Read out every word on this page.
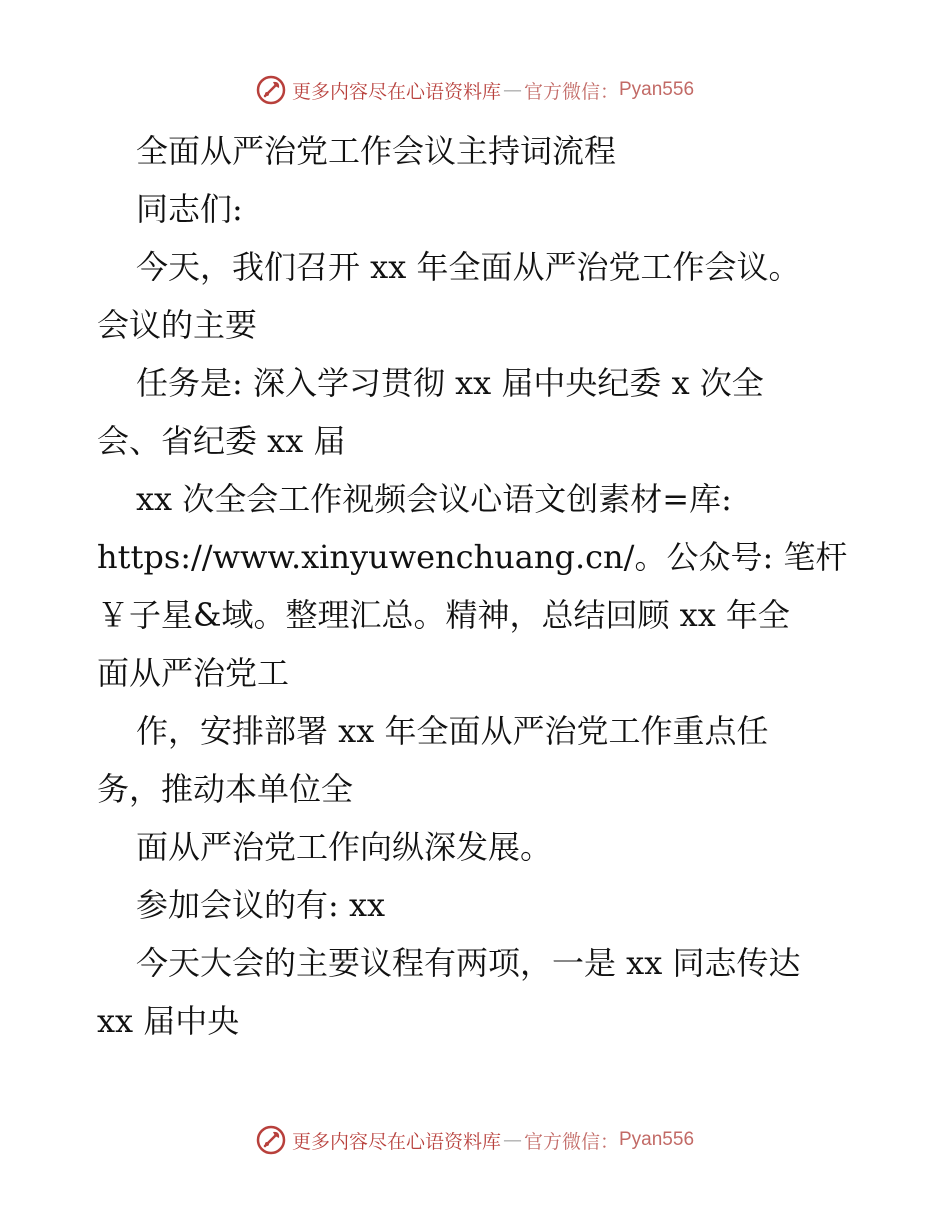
更多内容尽在心语资料库 — 官方微信： Pyan556
全面从严治党工作会议主持词流程
同志们:
今天，我们召开 xx 年全面从严治党工作会议。
会议的主要
任务是: 深入学习贯彻 xx 届中央纪委 x 次全
会、省纪委 xx 届
xx 次全会工作视频会议心语文创素材=库:
https://www.xinyuwenchuang.cn/。公众号: 笔杆
￥子星&域。整理汇总。精神，总结回顾 xx 年全
面从严治党工
作，安排部署 xx 年全面从严治党工作重点任
务，推动本单位全
面从严治党工作向纵深发展。
参加会议的有: xx
今天大会的主要议程有两项，一是 xx 同志传达
xx 届中央
更多内容尽在心语资料库 — 官方微信： Pyan556
